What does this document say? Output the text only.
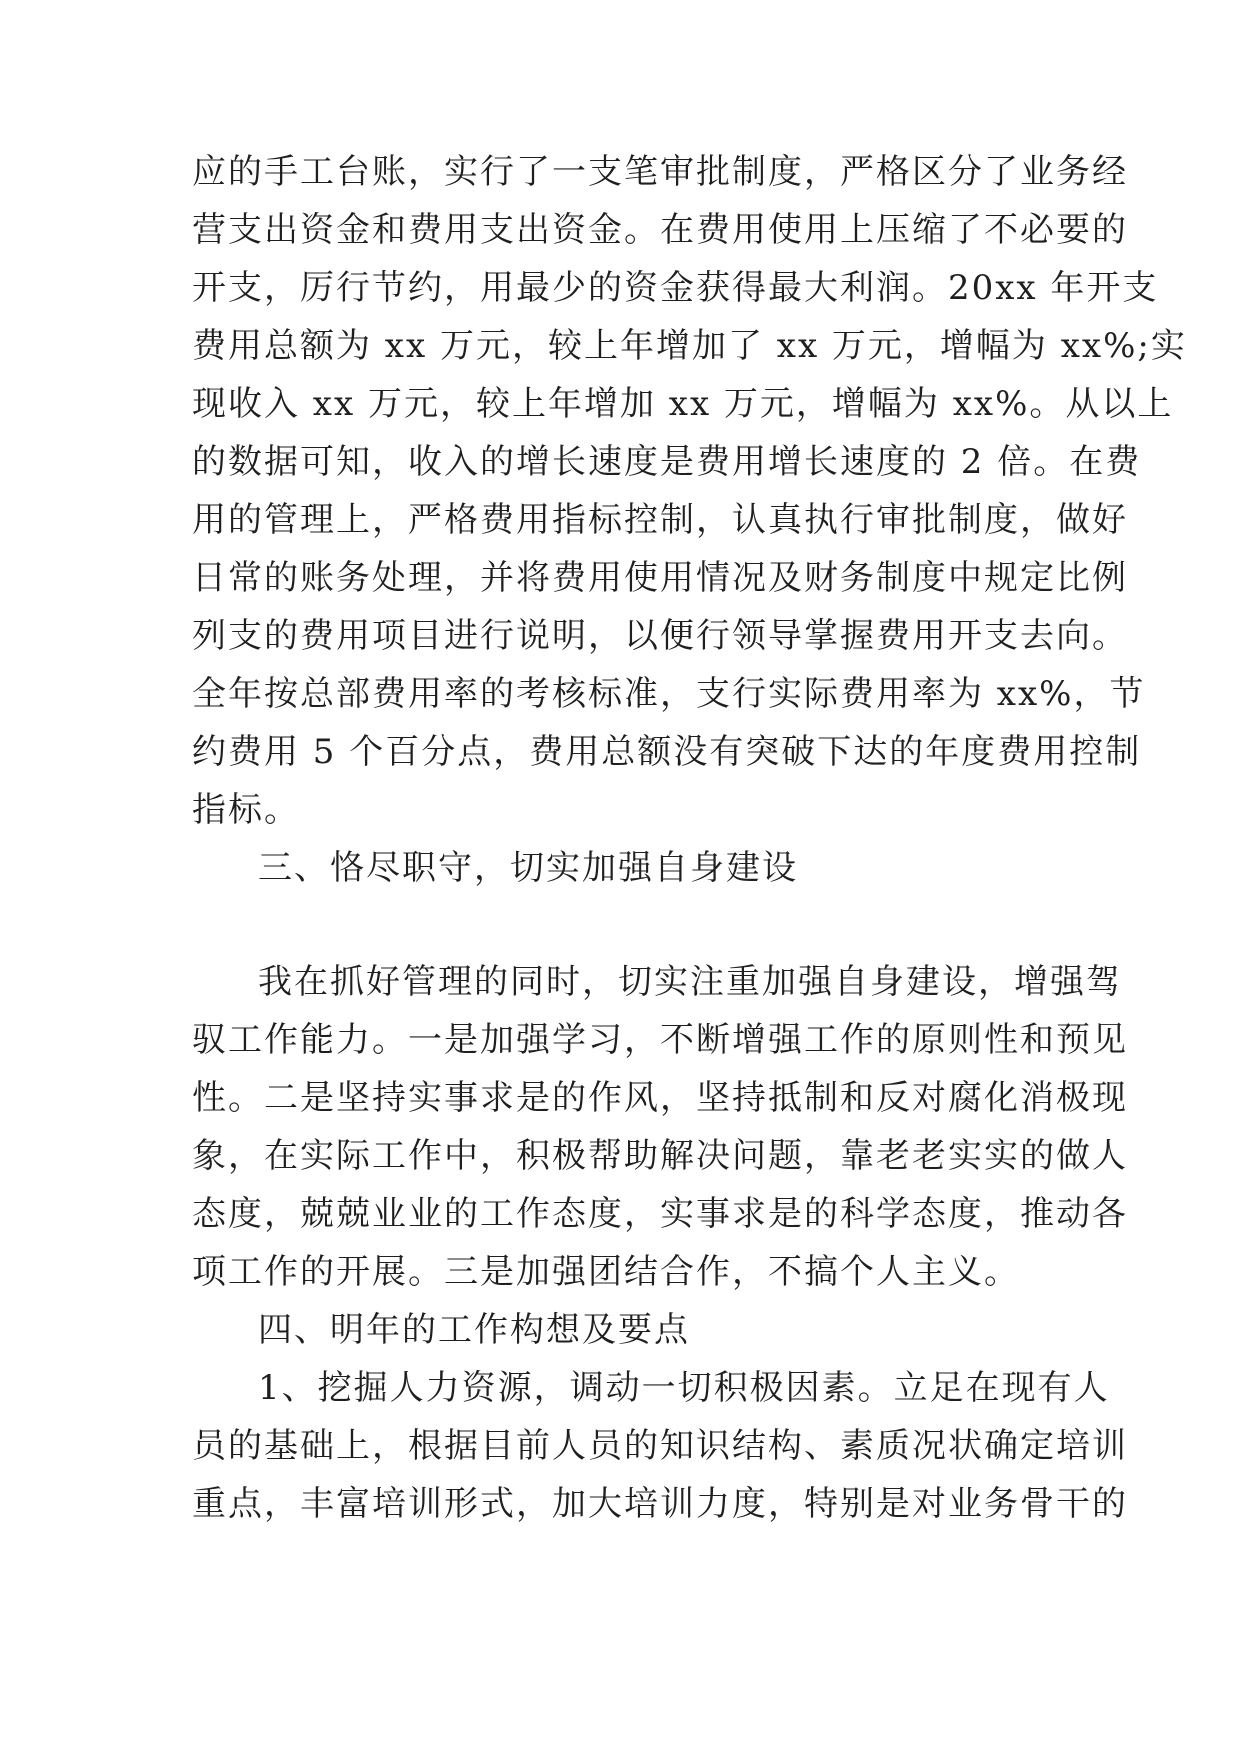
应的手工台账，实行了一支笔审批制度，严格区分了业务经
营支出资金和费用支出资金。在费用使用上压缩了不必要的
开支，厉行节约，用最少的资金获得最大利润。20xx 年开支
费用总额为 xx 万元，较上年增加了 xx 万元，增幅为 xx%;实
现收入 xx 万元，较上年增加 xx 万元，增幅为 xx%。从以上
的数据可知，收入的增长速度是费用增长速度的 2 倍。在费
用的管理上，严格费用指标控制，认真执行审批制度，做好
日常的账务处理，并将费用使用情况及财务制度中规定比例
列支的费用项目进行说明，以便行领导掌握费用开支去向。
全年按总部费用率的考核标准，支行实际费用率为 xx%，节
约费用 5 个百分点，费用总额没有突破下达的年度费用控制
指标。
三、恪尽职守，切实加强自身建设
我在抓好管理的同时，切实注重加强自身建设，增强驾
驭工作能力。一是加强学习，不断增强工作的原则性和预见
性。二是坚持实事求是的作风，坚持抵制和反对腐化消极现
象，在实际工作中，积极帮助解决问题，靠老老实实的做人
态度，兢兢业业的工作态度，实事求是的科学态度，推动各
项工作的开展。三是加强团结合作，不搞个人主义。
四、明年的工作构想及要点
1、挖掘人力资源，调动一切积极因素。立足在现有人
员的基础上，根据目前人员的知识结构、素质况状确定培训
重点，丰富培训形式，加大培训力度，特别是对业务骨干的
